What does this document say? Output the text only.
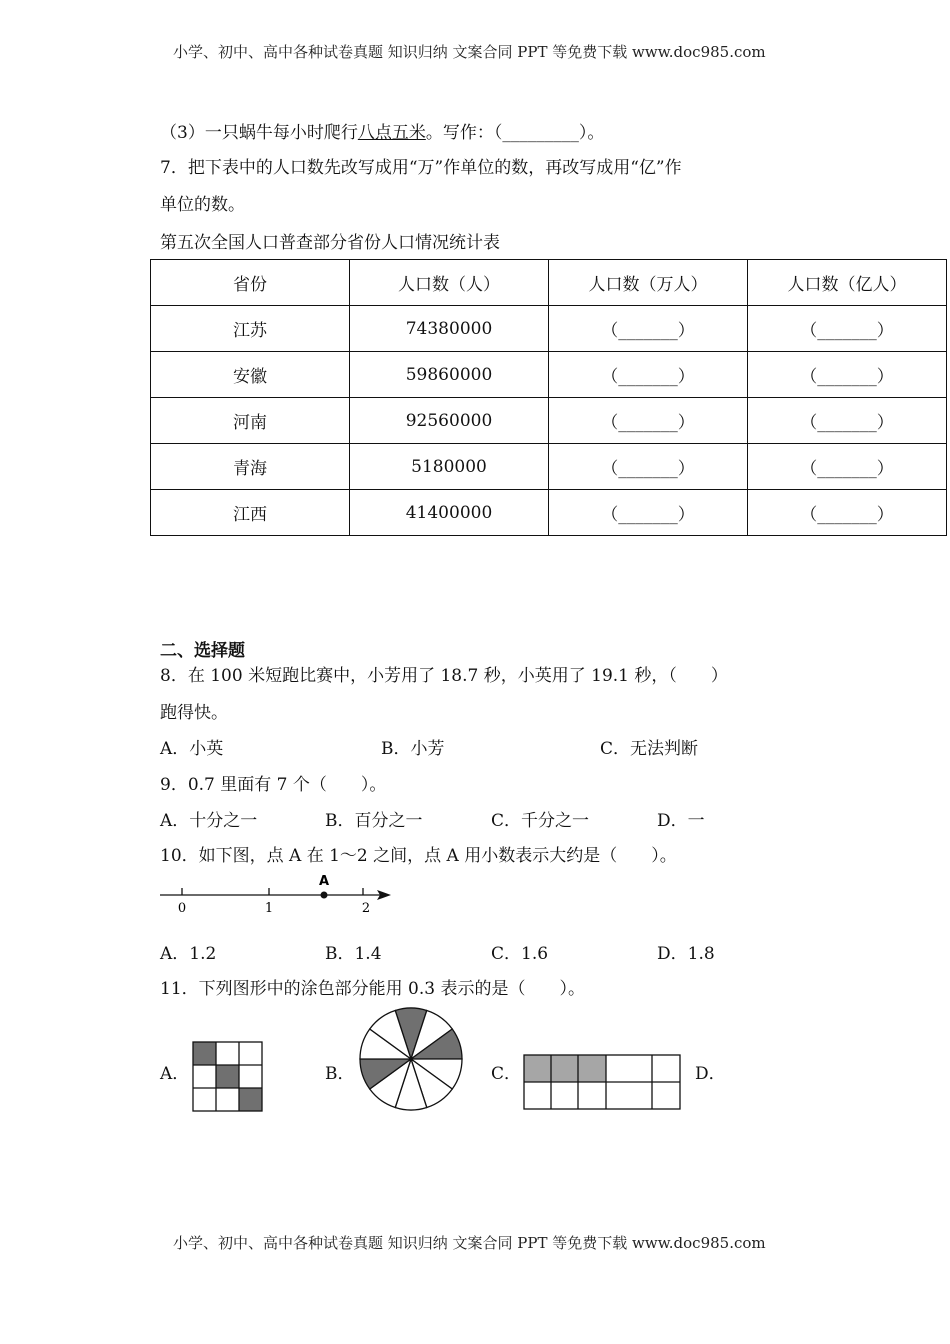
小学、初中、高中各种试卷真题 知识归纳 文案合同 PPT 等免费下载 www.doc985.com
（3）一只蜗牛每小时爬行八点五米。写作：（_________）。
7．把下表中的人口数先改写成用“万”作单位的数，再改写成用“亿”作
单位的数。
第五次全国人口普查部分省份人口情况统计表
省份	人口数（人）	人口数（万人）	人口数（亿人）
江苏	74380000	（_______）	（_______）
安徽	59860000	（_______）	（_______）
河南	92560000	（_______）	（_______）
青海	5180000	（_______）	（_______）
江西	41400000	（_______）	（_______）
二、选择题
8．在 100 米短跑比赛中，小芳用了 18.7 秒，小英用了 19.1 秒，（　　）
跑得快。
A．小英	B．小芳	C．无法判断
9．0.7 里面有 7 个（　　）。
A．十分之一	B．百分之一	C．千分之一	D．一
10．如下图，点 A 在 1～2 之间，点 A 用小数表示大约是（　　）。
0	1	2
A
A．1.2	B．1.4	C．1.6	D．1.8
11．下列图形中的涂色部分能用 0.3 表示的是（　　）。
A．	B．	C．	D．
小学、初中、高中各种试卷真题 知识归纳 文案合同 PPT 等免费下载 www.doc985.com
